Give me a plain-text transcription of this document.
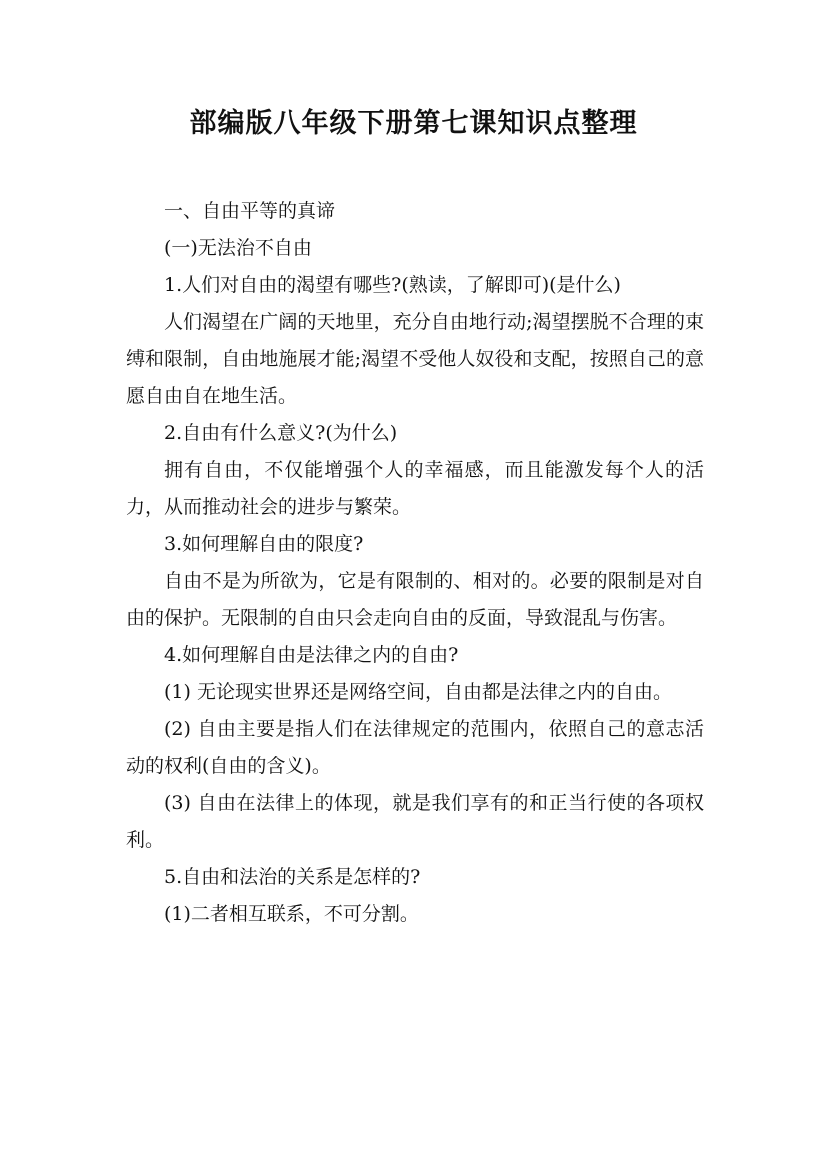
部编版八年级下册第七课知识点整理

一、自由平等的真谛

(一)无法治不自由

1.人们对自由的渴望有哪些?(熟读，了解即可)(是什么)

人们渴望在广阔的天地里，充分自由地行动;渴望摆脱不合理的束缚和限制，自由地施展才能;渴望不受他人奴役和支配，按照自己的意愿自由自在地生活。

2.自由有什么意义?(为什么)

拥有自由，不仅能增强个人的幸福感，而且能激发每个人的活力，从而推动社会的进步与繁荣。

3.如何理解自由的限度?

自由不是为所欲为，它是有限制的、相对的。必要的限制是对自由的保护。无限制的自由只会走向自由的反面，导致混乱与伤害。

4.如何理解自由是法律之内的自由?

(1) 无论现实世界还是网络空间，自由都是法律之内的自由。

(2) 自由主要是指人们在法律规定的范围内，依照自己的意志活动的权利(自由的含义)。

(3) 自由在法律上的体现，就是我们享有的和正当行使的各项权利。

5.自由和法治的关系是怎样的?

(1)二者相互联系，不可分割。
